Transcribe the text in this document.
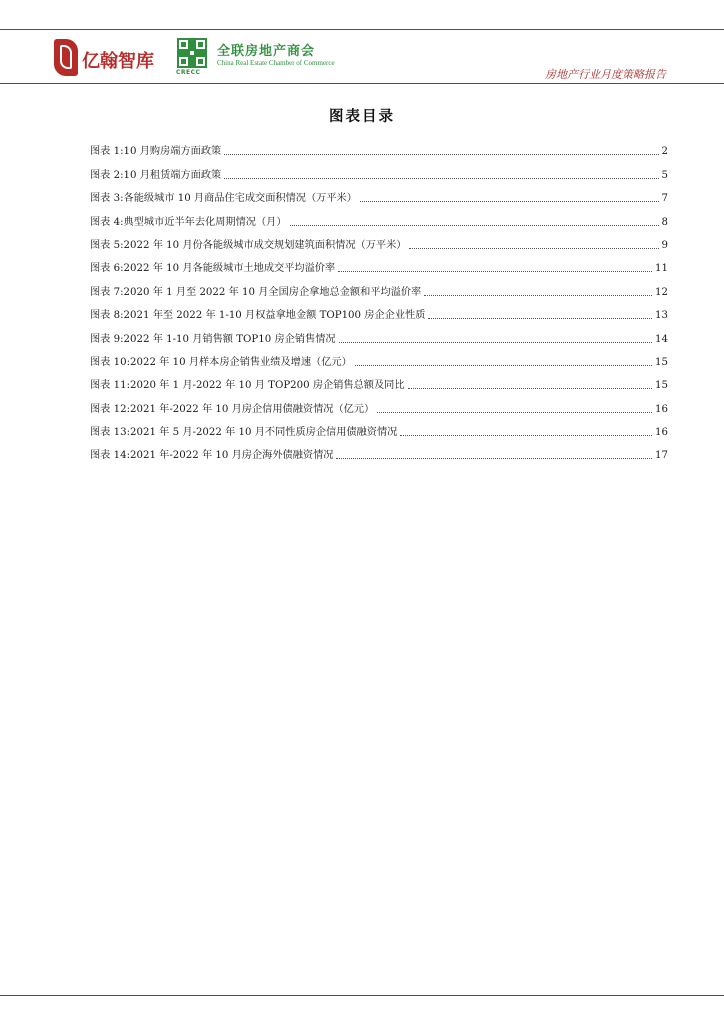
亿翰智库
CRECC
全联房地产商会
China Real Estate Chamber of Commerce
房地产行业月度策略报告
图表目录
图表 1: 10 月购房端方面政策	2
图表 2: 10 月租赁端方面政策	5
图表 3: 各能级城市 10 月商品住宅成交面积情况（万平米）	7
图表 4: 典型城市近半年去化周期情况（月）	8
图表 5: 2022 年 10 月份各能级城市成交规划建筑面积情况（万平米）	9
图表 6: 2022 年 10 月各能级城市土地成交平均溢价率	11
图表 7: 2020 年 1 月至 2022 年 10 月全国房企拿地总金额和平均溢价率	12
图表 8: 2021 年至 2022 年 1-10 月权益拿地金额 TOP100 房企企业性质	13
图表 9: 2022 年 1-10 月销售额 TOP10 房企销售情况	14
图表 10: 2022 年 10 月样本房企销售业绩及增速（亿元）	15
图表 11: 2020 年 1 月-2022 年 10 月 TOP200 房企销售总额及同比	15
图表 12: 2021 年-2022 年 10 月房企信用债融资情况（亿元）	16
图表 13: 2021 年 5 月-2022 年 10 月不同性质房企信用债融资情况	16
图表 14: 2021 年-2022 年 10 月房企海外债融资情况	17
